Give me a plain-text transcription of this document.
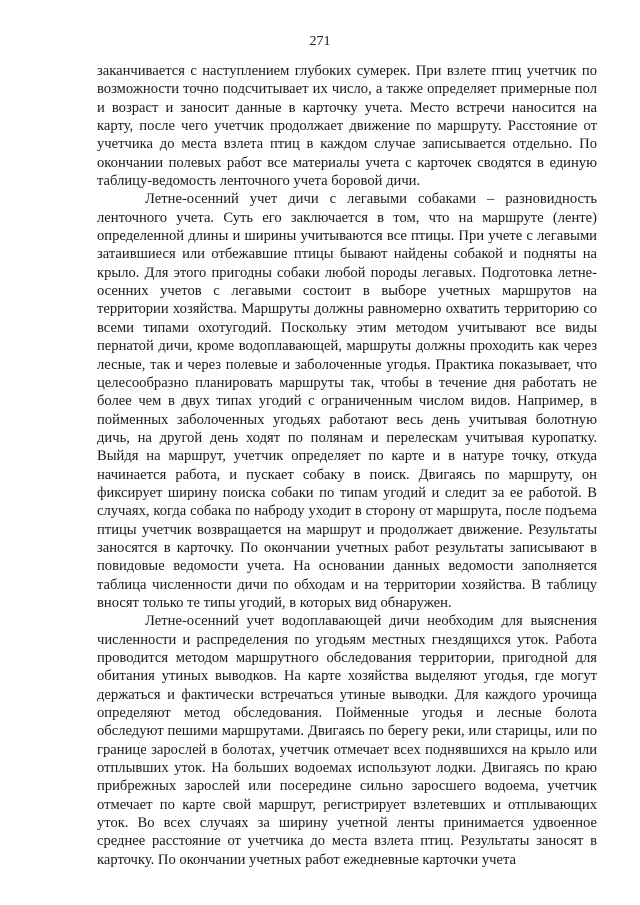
271

заканчивается с наступлением глубоких сумерек. При взлете птиц учетчик по возможности точно подсчитывает их число, а также определяет примерные пол и возраст и заносит данные в карточку учета. Место встречи наносится на карту, после чего учетчик продолжает движение по маршруту. Расстояние от учетчика до места взлета птиц в каждом случае записывается отдельно. По окончании полевых работ все материалы учета с карточек сводятся в единую таблицу-ведомость ленточного учета боровой дичи.

Летне-осенний учет дичи с легавыми собаками – разновидность ленточного учета. Суть его заключается в том, что на маршруте (ленте) определенной длины и ширины учитываются все птицы. При учете с легавыми затаившиеся или отбежавшие птицы бывают найдены собакой и подняты на крыло. Для этого пригодны собаки любой породы легавых. Подготовка летне-осенних учетов с легавыми состоит в выборе учетных маршрутов на территории хозяйства. Маршруты должны равномерно охватить территорию со всеми типами охотугодий. Поскольку этим методом учитывают все виды пернатой дичи, кроме водоплавающей, маршруты должны проходить как через лесные, так и через полевые и заболоченные угодья. Практика показывает, что целесообразно планировать маршруты так, чтобы в течение дня работать не более чем в двух типах угодий с ограниченным числом видов. Например, в пойменных заболоченных угодьях работают весь день учитывая болотную дичь, на другой день ходят по полянам и перелескам учитывая куропатку. Выйдя на маршрут, учетчик определяет по карте и в натуре точку, откуда начинается работа, и пускает собаку в поиск. Двигаясь по маршруту, он фиксирует ширину поиска собаки по типам угодий и следит за ее работой. В случаях, когда собака по набродy уходит в сторону от маршрута, после подъема птицы учетчик возвращается на маршрут и продолжает движение. Результаты заносятся в карточку. По окончании учетных работ результаты записывают в повидовые ведомости учета. На основании данных ведомости заполняется таблица численности дичи по обходам и на территории хозяйства. В таблицу вносят только те типы угодий, в которых вид обнаружен.

Летне-осенний учет водоплавающей дичи необходим для выяснения численности и распределения по угодьям местных гнездящихся уток. Работа проводится методом маршрутного обследования территории, пригодной для обитания утиных выводков. На карте хозяйства выделяют угодья, где могут держаться и фактически встречаться утиные выводки. Для каждого урочища определяют метод обследования. Пойменные угодья и лесные болота обследуют пешими маршрутами. Двигаясь по берегу реки, или старицы, или по границе зарослей в болотах, учетчик отмечает всех поднявшихся на крыло или отплывших уток. На больших водоемах используют лодки. Двигаясь по краю прибрежных зарослей или посередине сильно заросшего водоема, учетчик отмечает по карте свой маршрут, регистрирует взлетевших и отплывающих уток. Во всех случаях за ширину учетной ленты принимается удвоенное среднее расстояние от учетчика до места взлета птиц. Результаты заносят в карточку. По окончании учетных работ ежедневные карточки учета
